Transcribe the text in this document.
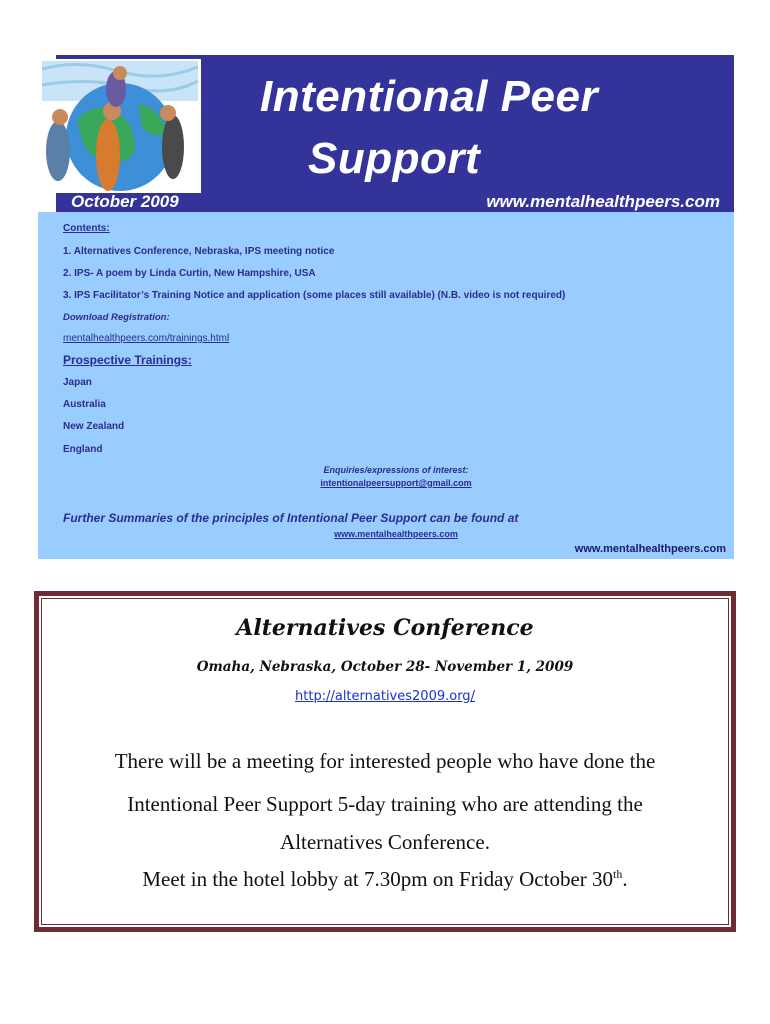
Intentional Peer
Support
October 2009	www.mentalhealthpeers.com
Contents:
1. Alternatives Conference, Nebraska, IPS meeting notice
2. IPS- A poem by Linda Curtin, New Hampshire, USA
3. IPS Facilitator’s Training Notice and application (some places still available) (N.B. video is not required)
Download Registration:
mentalhealthpeers.com/trainings.html
Prospective Trainings:
Japan
Australia
New Zealand
England
Enquiries/expressions of interest:
intentionalpeersupport@gmail.com
Further Summaries of the principles of Intentional Peer Support can be found at
www.mentalhealthpeers.com
www.mentalhealthpeers.com
Alternatives Conference
Omaha, Nebraska, October 28- November 1, 2009
http://alternatives2009.org/
There will be a meeting for interested people who have done the
Intentional Peer Support 5-day training who are attending the
Alternatives Conference.
Meet in the hotel lobby at 7.30pm on Friday October 30th.
